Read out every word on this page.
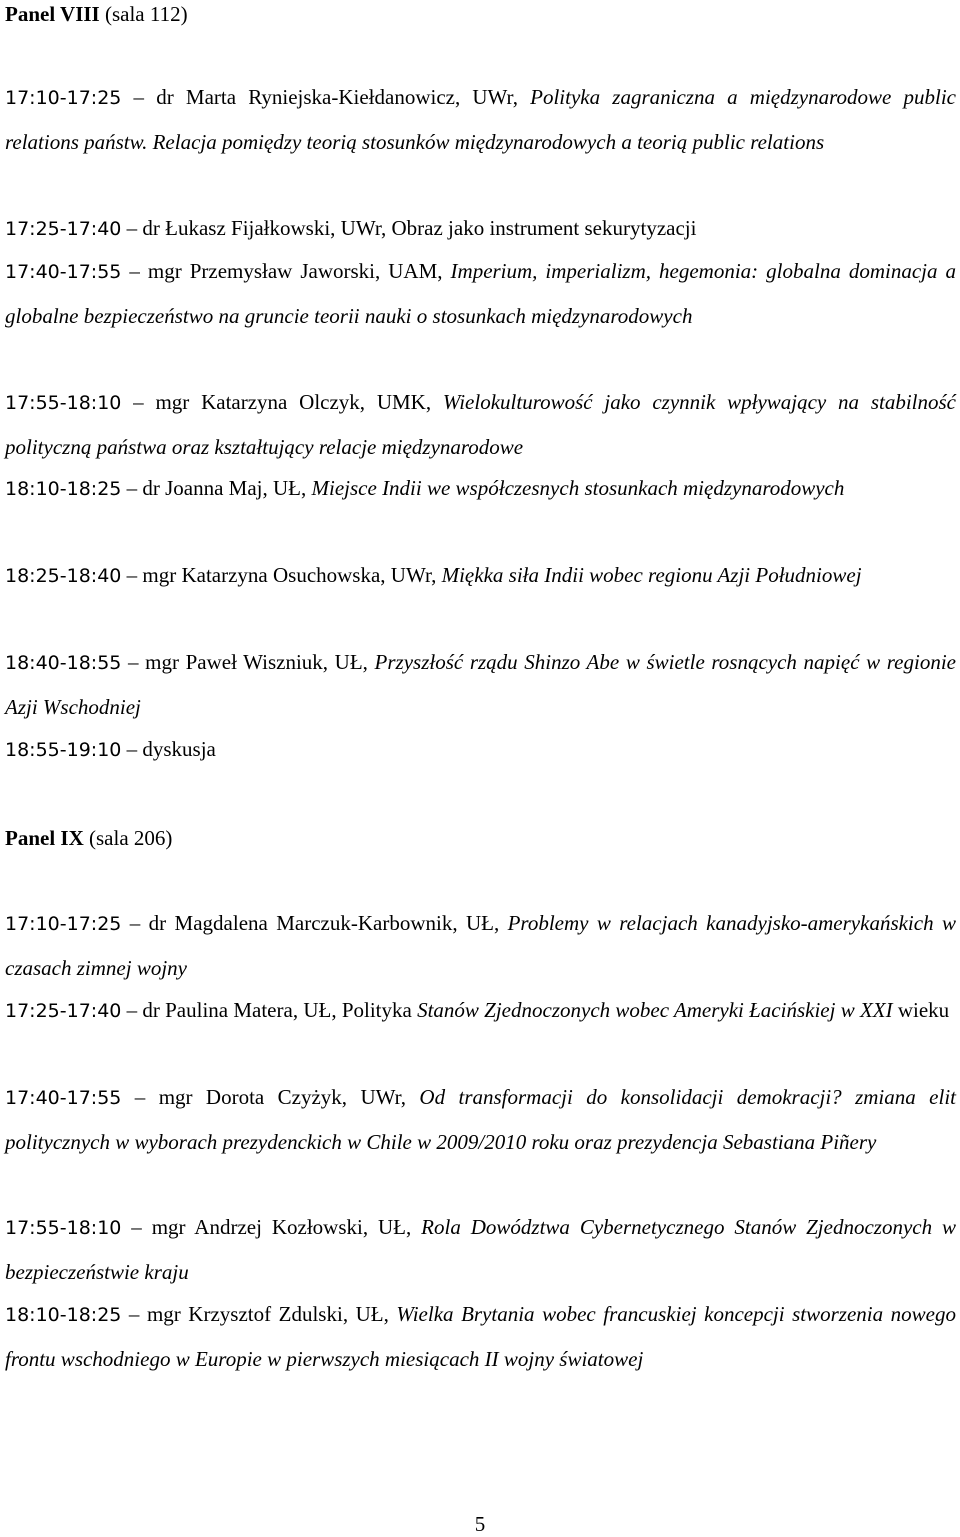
Panel VIII (sala 112)

17:10-17:25 – dr Marta Ryniejska-Kiełdanowicz, UWr, Polityka zagraniczna a międzynarodowe public relations państw. Relacja pomiędzy teorią stosunków międzynarodowych a teorią public relations

17:25-17:40 – dr Łukasz Fijałkowski, UWr, Obraz jako instrument sekurytyzacji

17:40-17:55 – mgr Przemysław Jaworski, UAM, Imperium, imperializm, hegemonia: globalna dominacja a globalne bezpieczeństwo na gruncie teorii nauki o stosunkach międzynarodowych

17:55-18:10 – mgr Katarzyna Olczyk, UMK, Wielokulturowość jako czynnik wpływający na stabilność polityczną państwa oraz kształtujący relacje międzynarodowe

18:10-18:25 – dr Joanna Maj, UŁ, Miejsce Indii we współczesnych stosunkach międzynarodowych

18:25-18:40 – mgr Katarzyna Osuchowska, UWr, Miękka siła Indii wobec regionu Azji Południowej

18:40-18:55 – mgr Paweł Wiszniuk, UŁ, Przyszłość rządu Shinzo Abe w świetle rosnących napięć w regionie Azji Wschodniej

18:55-19:10 – dyskusja

Panel IX (sala 206)

17:10-17:25 – dr Magdalena Marczuk-Karbownik, UŁ, Problemy w relacjach kanadyjsko-amerykańskich w czasach zimnej wojny

17:25-17:40 – dr Paulina Matera, UŁ, Polityka Stanów Zjednoczonych wobec Ameryki Łacińskiej w XXI wieku

17:40-17:55 – mgr Dorota Czyżyk, UWr, Od transformacji do konsolidacji demokracji? zmiana elit politycznych w wyborach prezydenckich w Chile w 2009/2010 roku oraz prezydencja Sebastiana Piñery

17:55-18:10 – mgr Andrzej Kozłowski, UŁ, Rola Dowództwa Cybernetycznego Stanów Zjednoczonych w bezpieczeństwie kraju

18:10-18:25 – mgr Krzysztof Zdulski, UŁ, Wielka Brytania wobec francuskiej koncepcji stworzenia nowego frontu wschodniego w Europie w pierwszych miesiącach II wojny światowej

5
